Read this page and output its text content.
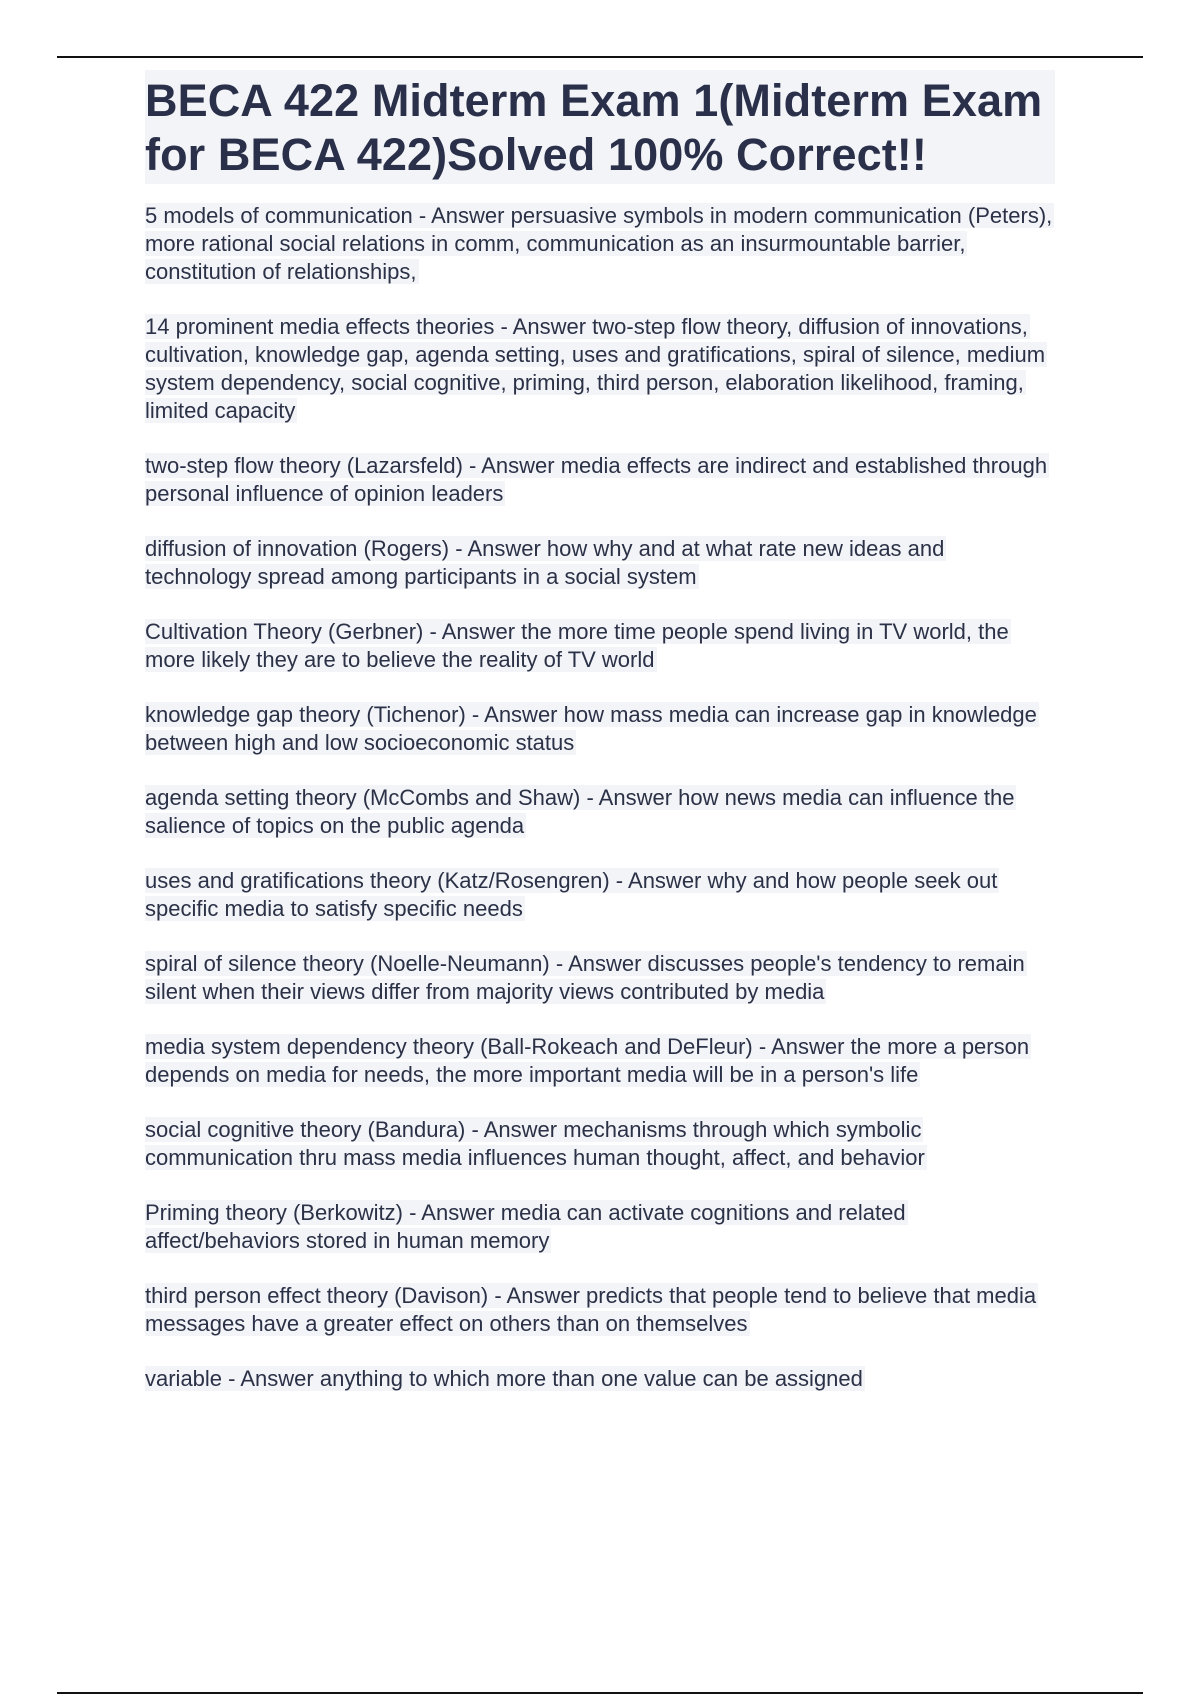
BECA 422 Midterm Exam 1(Midterm Exam for BECA 422)Solved 100% Correct!!

5 models of communication - Answer persuasive symbols in modern communication (Peters), more rational social relations in comm, communication as an insurmountable barrier, constitution of relationships,

14 prominent media effects theories - Answer two-step flow theory, diffusion of innovations, cultivation, knowledge gap, agenda setting, uses and gratifications, spiral of silence, medium system dependency, social cognitive, priming, third person, elaboration likelihood, framing, limited capacity

two-step flow theory (Lazarsfeld) - Answer media effects are indirect and established through personal influence of opinion leaders

diffusion of innovation (Rogers) - Answer how why and at what rate new ideas and technology spread among participants in a social system

Cultivation Theory (Gerbner) - Answer the more time people spend living in TV world, the more likely they are to believe the reality of TV world

knowledge gap theory (Tichenor) - Answer how mass media can increase gap in knowledge between high and low socioeconomic status

agenda setting theory (McCombs and Shaw) - Answer how news media can influence the salience of topics on the public agenda

uses and gratifications theory (Katz/Rosengren) - Answer why and how people seek out specific media to satisfy specific needs

spiral of silence theory (Noelle-Neumann) - Answer discusses people's tendency to remain silent when their views differ from majority views contributed by media

media system dependency theory (Ball-Rokeach and DeFleur) - Answer the more a person depends on media for needs, the more important media will be in a person's life

social cognitive theory (Bandura) - Answer mechanisms through which symbolic communication thru mass media influences human thought, affect, and behavior

Priming theory (Berkowitz) - Answer media can activate cognitions and related affect/behaviors stored in human memory

third person effect theory (Davison) - Answer predicts that people tend to believe that media messages have a greater effect on others than on themselves

variable - Answer anything to which more than one value can be assigned
